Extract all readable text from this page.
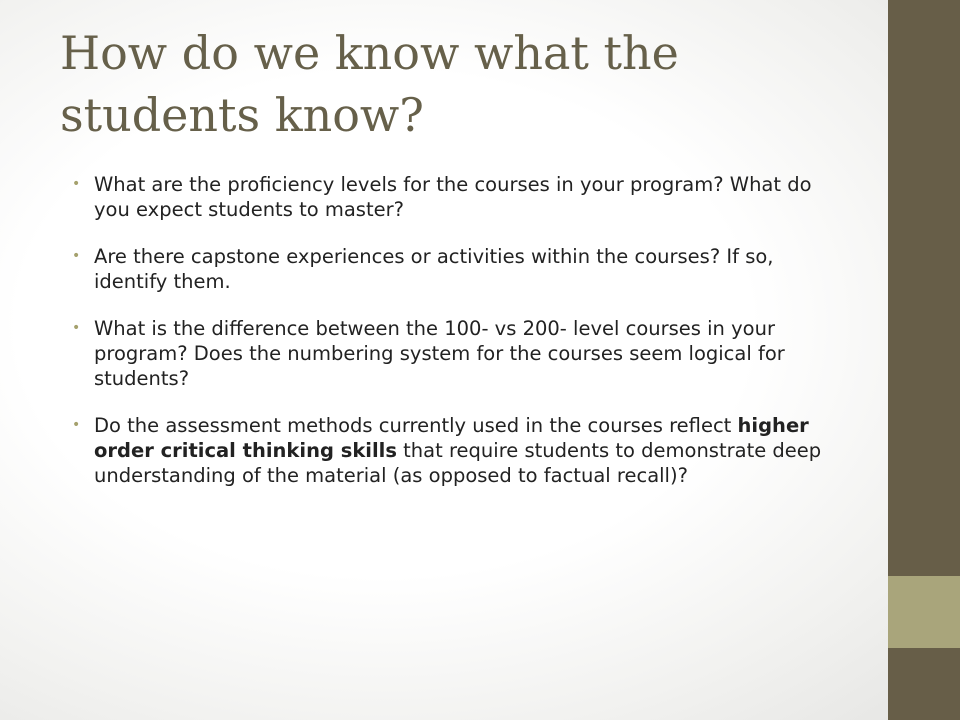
How do we know what the students know?
• What are the proficiency levels for the courses in your program? What do you expect students to master?
• Are there capstone experiences or activities within the courses? If so, identify them.
• What is the difference between the 100- vs 200- level courses in your program? Does the numbering system for the courses seem logical for students?
• Do the assessment methods currently used in the courses reflect higher order critical thinking skills that require students to demonstrate deep understanding of the material (as opposed to factual recall)?
